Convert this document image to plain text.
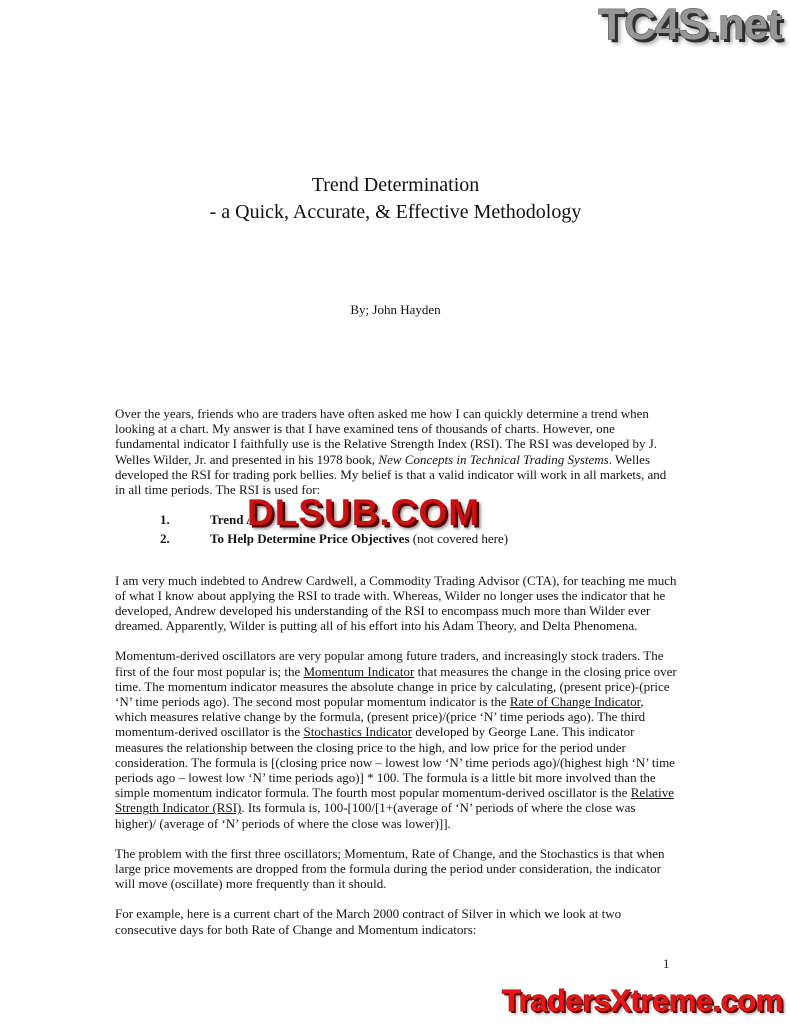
TC4S.net
Trend Determination
- a Quick, Accurate, & Effective Methodology
By; John Hayden

Over the years, friends who are traders have often asked me how I can quickly determine a trend when looking at a chart. My answer is that I have examined tens of thousands of charts. However, one fundamental indicator I faithfully use is the Relative Strength Index (RSI). The RSI was developed by J. Welles Wilder, Jr. and presented in his 1978 book, New Concepts in Technical Trading Systems. Welles developed the RSI for trading pork bellies. My belief is that a valid indicator will work in all markets, and in all time periods. The RSI is used for:

1.	Trend A
2.	To Help Determine Price Objectives (not covered here)

I am very much indebted to Andrew Cardwell, a Commodity Trading Advisor (CTA), for teaching me much of what I know about applying the RSI to trade with. Whereas, Wilder no longer uses the indicator that he developed, Andrew developed his understanding of the RSI to encompass much more than Wilder ever dreamed. Apparently, Wilder is putting all of his effort into his Adam Theory, and Delta Phenomena.

Momentum-derived oscillators are very popular among future traders, and increasingly stock traders. The first of the four most popular is; the Momentum Indicator that measures the change in the closing price over time. The momentum indicator measures the absolute change in price by calculating, (present price)-(price ‘N’ time periods ago). The second most popular momentum indicator is the Rate of Change Indicator, which measures relative change by the formula, (present price)/(price ‘N’ time periods ago). The third momentum-derived oscillator is the Stochastics Indicator developed by George Lane. This indicator measures the relationship between the closing price to the high, and low price for the period under consideration. The formula is [(closing price now – lowest low ‘N’ time periods ago)/(highest high ‘N’ time periods ago – lowest low ‘N’ time periods ago)] * 100. The formula is a little bit more involved than the simple momentum indicator formula. The fourth most popular momentum-derived oscillator is the Relative Strength Indicator (RSI). Its formula is, 100-[100/[1+(average of ‘N’ periods of where the close was higher)/ (average of ‘N’ periods of where the close was lower)]].

The problem with the first three oscillators; Momentum, Rate of Change, and the Stochastics is that when large price movements are dropped from the formula during the period under consideration, the indicator will move (oscillate) more frequently than it should.

For example, here is a current chart of the March 2000 contract of Silver in which we look at two consecutive days for both Rate of Change and Momentum indicators:

DLSUB.COM
1
TradersXtreme.com
